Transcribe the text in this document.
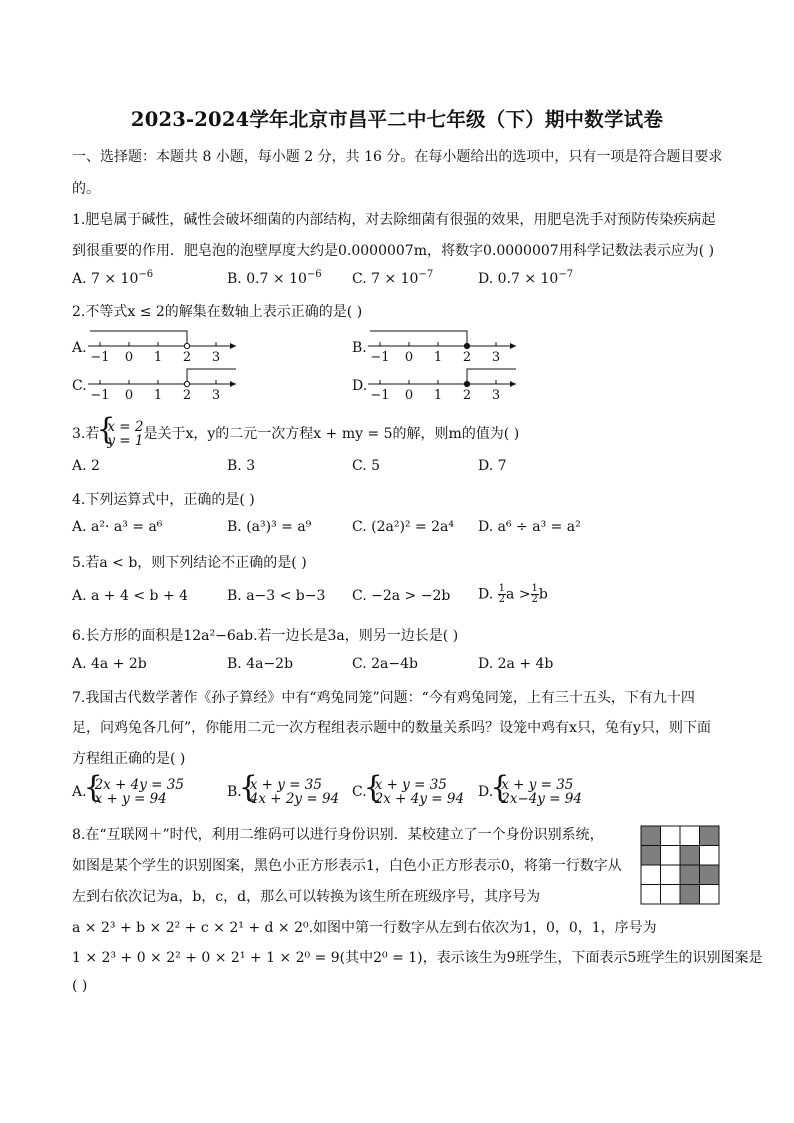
2023-2024学年北京市昌平二中七年级（下）期中数学试卷
一、选择题：本题共 8 小题，每小题 2 分，共 16 分。在每小题给出的选项中，只有一项是符合题目要求
的。
1.肥皂属于碱性，碱性会破坏细菌的内部结构，对去除细菌有很强的效果，用肥皂洗手对预防传染疾病起
到很重要的作用．肥皂泡的泡壁厚度大约是0.0000007m，将数字0.0000007用科学记数法表示应为( )
A. $7 \times 10^{-6}$	B. $0.7 \times 10^{-6}$ C. $7 \times 10^{-7}$	D. $0.7 \times 10^{-7}$
2.不等式x ≤ 2的解集在数轴上表示正确的是( )
A.	B.
C.	D.
−1 0 1 2 3	−1 0 1 2 3
−1 0 1 2 3	−1 0 1 2 3
3.若 { x = 2
y = 1 是关于x，y的二元一次方程x + my = 5的解，则m的值为( )
A. 2	B. 3	C. 5	D. 7
4.下列运算式中，正确的是( )
A. a²· a³ = a⁶	B. (a³)³ = a⁹	C. (2a²)² = 2a⁴ D. a⁶ ÷ a³ = a²
5.若a < b，则下列结论不正确的是( )
A. a + 4 < b + 4	B. a−3 < b−3 C. −2a > −2b D. $\frac{1}{2}$ $a > \frac{1}{2}$ b
6.长方形的面积是12a²−6ab.若一边长是3a，则另一边长是( )
A. 4a + 2b	B. 4a−2b	C. 2a−4b	D. 2a + 4b
7.我国古代数学著作《孙子算经》中有“鸡兔同笼”问题：“今有鸡兔同笼，上有三十五头，下有九十四
足，问鸡兔各几何”，你能用二元一次方程组表示题中的数量关系吗？设笼中鸡有x只，兔有y只，则下面
方程组正确的是( )
A. { 2x + 4y = 35
x + y = 94	B. { x + y = 35
4x + 2y = 94 C. { x + y = 35
2x + 4y = 94 D. { x + y = 35
2x−4y = 94
8.在“互联网＋”时代，利用二维码可以进行身份识别．某校建立了一个身份识别系统，
如图是某个学生的识别图案，黑色小正方形表示1，白色小正方形表示0，将第一行数字从
左到右依次记为a，b，c，d，那么可以转换为该生所在班级序号，其序号为
a × 2³ + b × 2² + c × 2¹ + d × 2⁰.如图中第一行数字从左到右依次为1，0，0，1，序号为
1 × 2³ + 0 × 2² + 0 × 2¹ + 1 × 2⁰ = 9(其中2⁰ = 1)，表示该生为9班学生，下面表示5班学生的识别图案是
( )
